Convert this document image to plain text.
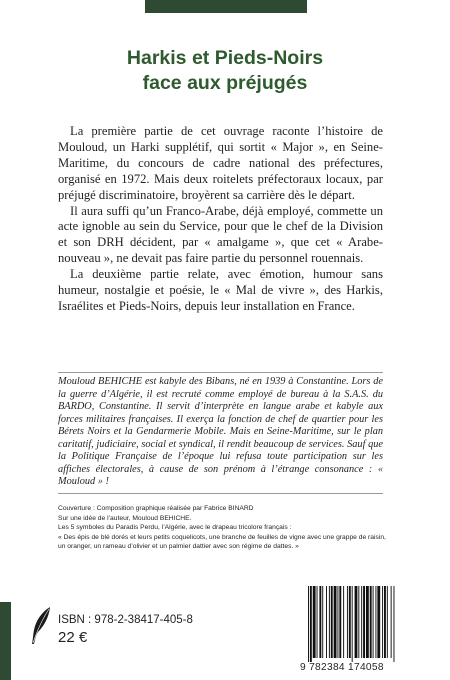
Harkis et Pieds-Noirs
face aux préjugés

La première partie de cet ouvrage raconte l’histoire de Mouloud, un Harki supplétif, qui sortit « Major », en Seine-Maritime, du concours de cadre national des préfectures, organisé en 1972. Mais deux roitelets préfectoraux locaux, par préjugé discriminatoire, broyèrent sa carrière dès le départ.

Il aura suffi qu’un Franco-Arabe, déjà employé, commette un acte ignoble au sein du Service, pour que le chef de la Division et son DRH décident, par « amalgame », que cet « Arabe-nouveau », ne devait pas faire partie du personnel rouennais.

La deuxième partie relate, avec émotion, humour sans humeur, nostalgie et poésie, le « Mal de vivre », des Harkis, Israélites et Pieds-Noirs, depuis leur installation en France.

Mouloud BEHICHE est kabyle des Bibans, né en 1939 à Constantine. Lors de la guerre d’Algérie, il est recruté comme employé de bureau à la S.A.S. du BARDO, Constantine. Il servit d’interprète en langue arabe et kabyle aux forces militaires françaises. Il exerça la fonction de chef de quartier pour les Bérets Noirs et la Gendarmerie Mobile. Mais en Seine-Maritime, sur le plan caritatif, judiciaire, social et syndical, il rendit beaucoup de services. Sauf que la Politique Française de l’époque lui refusa toute participation sur les affiches électorales, à cause de son prénom à l’étrange consonance : « Mouloud » !
Couverture : Composition graphique réalisée par Fabrice BINARD
Sur une idée de l’auteur, Mouloud BEHICHE.
Les 5 symboles du Paradis Perdu, l’Algérie, avec le drapeau tricolore français :
« Des épis de blé dorés et leurs petits coquelicots, une branche de feuilles de vigne avec une grappe de raisin,
un oranger, un rameau d’olivier et un palmier dattier avec son régime de dattes. »
ISBN : 978-2-38417-405-8
22 €
9 782384 174058
